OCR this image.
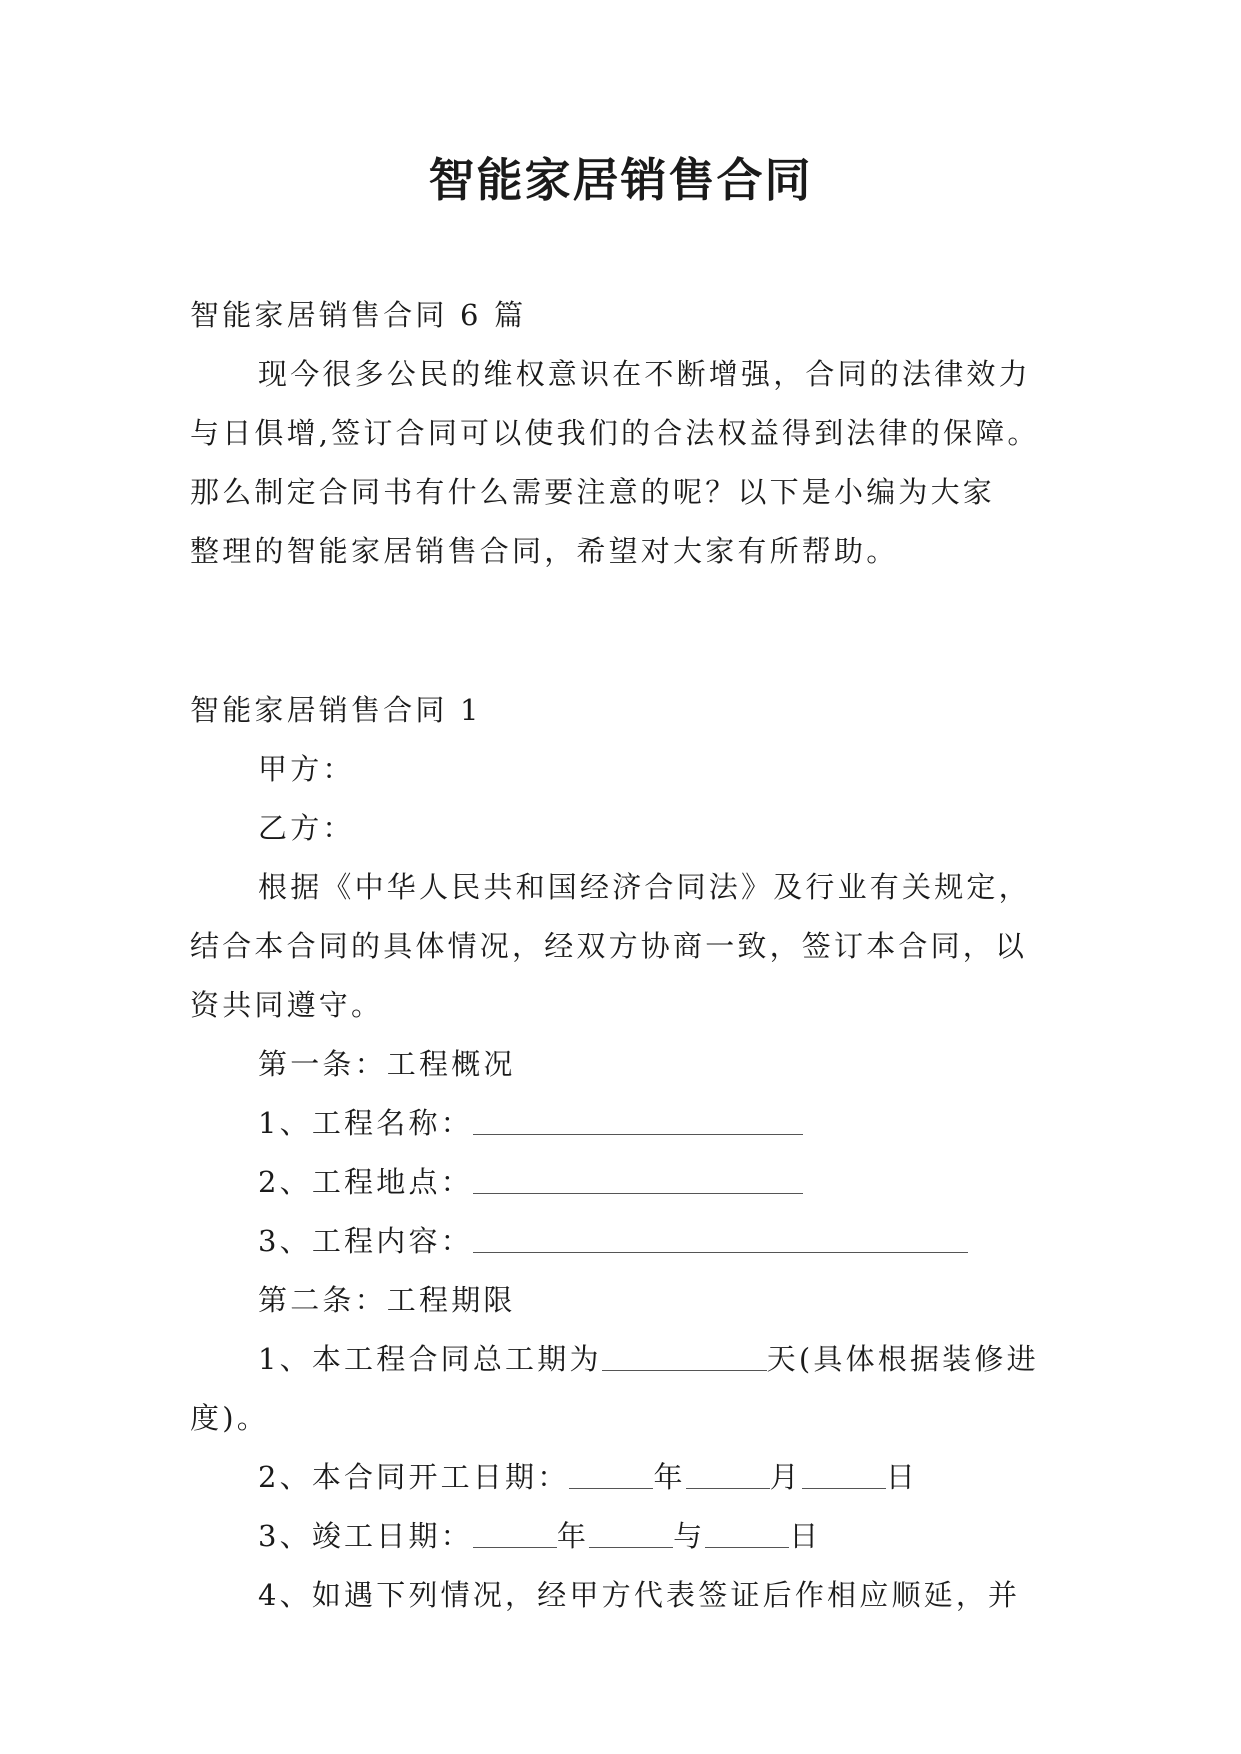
智能家居销售合同
智能家居销售合同 6 篇
现今很多公民的维权意识在不断增强，合同的法律效力
与日俱增,签订合同可以使我们的合法权益得到法律的保障。
那么制定合同书有什么需要注意的呢？以下是小编为大家
整理的智能家居销售合同，希望对大家有所帮助。
智能家居销售合同 1
甲方：
乙方：
根据《中华人民共和国经济合同法》及行业有关规定，
结合本合同的具体情况，经双方协商一致，签订本合同，以
资共同遵守。
第一条：工程概况
1、工程名称：
2、工程地点：
3、工程内容：
第二条：工程期限
1、本工程合同总工期为	天(具体根据装修进
度)。
2、本合同开工日期：	年	月	日
3、竣工日期：	年	与	日
4、如遇下列情况，经甲方代表签证后作相应顺延，并
